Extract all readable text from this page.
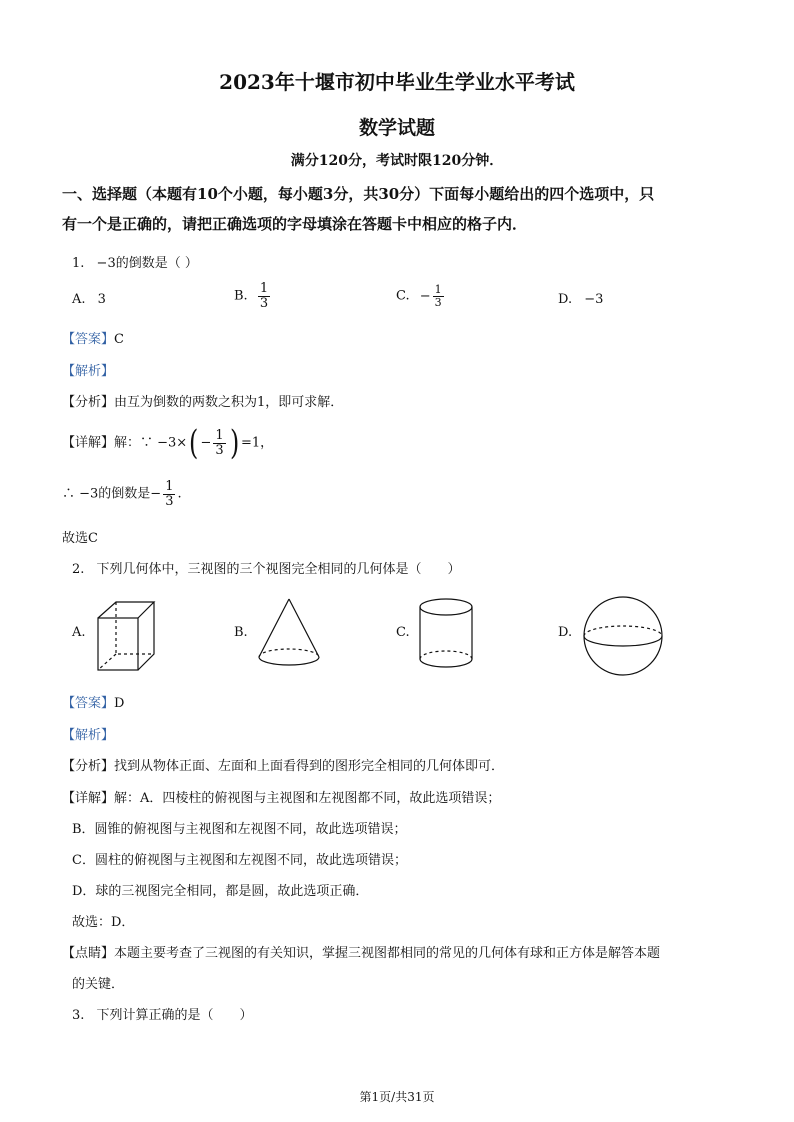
2023年十堰市初中毕业生学业水平考试
数学试题
满分120分，考试时限120分钟．
一、选择题（本题有10个小题，每小题3分，共30分）下面每小题给出的四个选项中，只
有一个是正确的，请把正确选项的字母填涂在答题卡中相应的格子内．
1. −3的倒数是（ ）
A. 3	B. $\frac{1}{3}$	C. − $\frac{1}{3}$	D. −3
【答案】C
【解析】
【分析】由互为倒数的两数之积为1，即可求解．
【详解】解：∵ $-3\times( - \frac{1}{3}$ ) =1，
∴ −3的倒数是− $\frac{1}{3}$ .
故选C
2. 下列几何体中，三视图的三个视图完全相同的几何体是（　　）
A.	B.	C.	D.
【答案】D
【解析】
【分析】找到从物体正面、左面和上面看得到的图形完全相同的几何体即可．
【详解】解：A．四棱柱的俯视图与主视图和左视图都不同，故此选项错误；
B．圆锥的俯视图与主视图和左视图不同，故此选项错误；
C．圆柱的俯视图与主视图和左视图不同，故此选项错误；
D．球的三视图完全相同，都是圆，故此选项正确．
故选：D．
【点睛】本题主要考查了三视图的有关知识，掌握三视图都相同的常见的几何体有球和正方体是解答本题
的关键．
3. 下列计算正确的是（　　）
第1页/共31页
